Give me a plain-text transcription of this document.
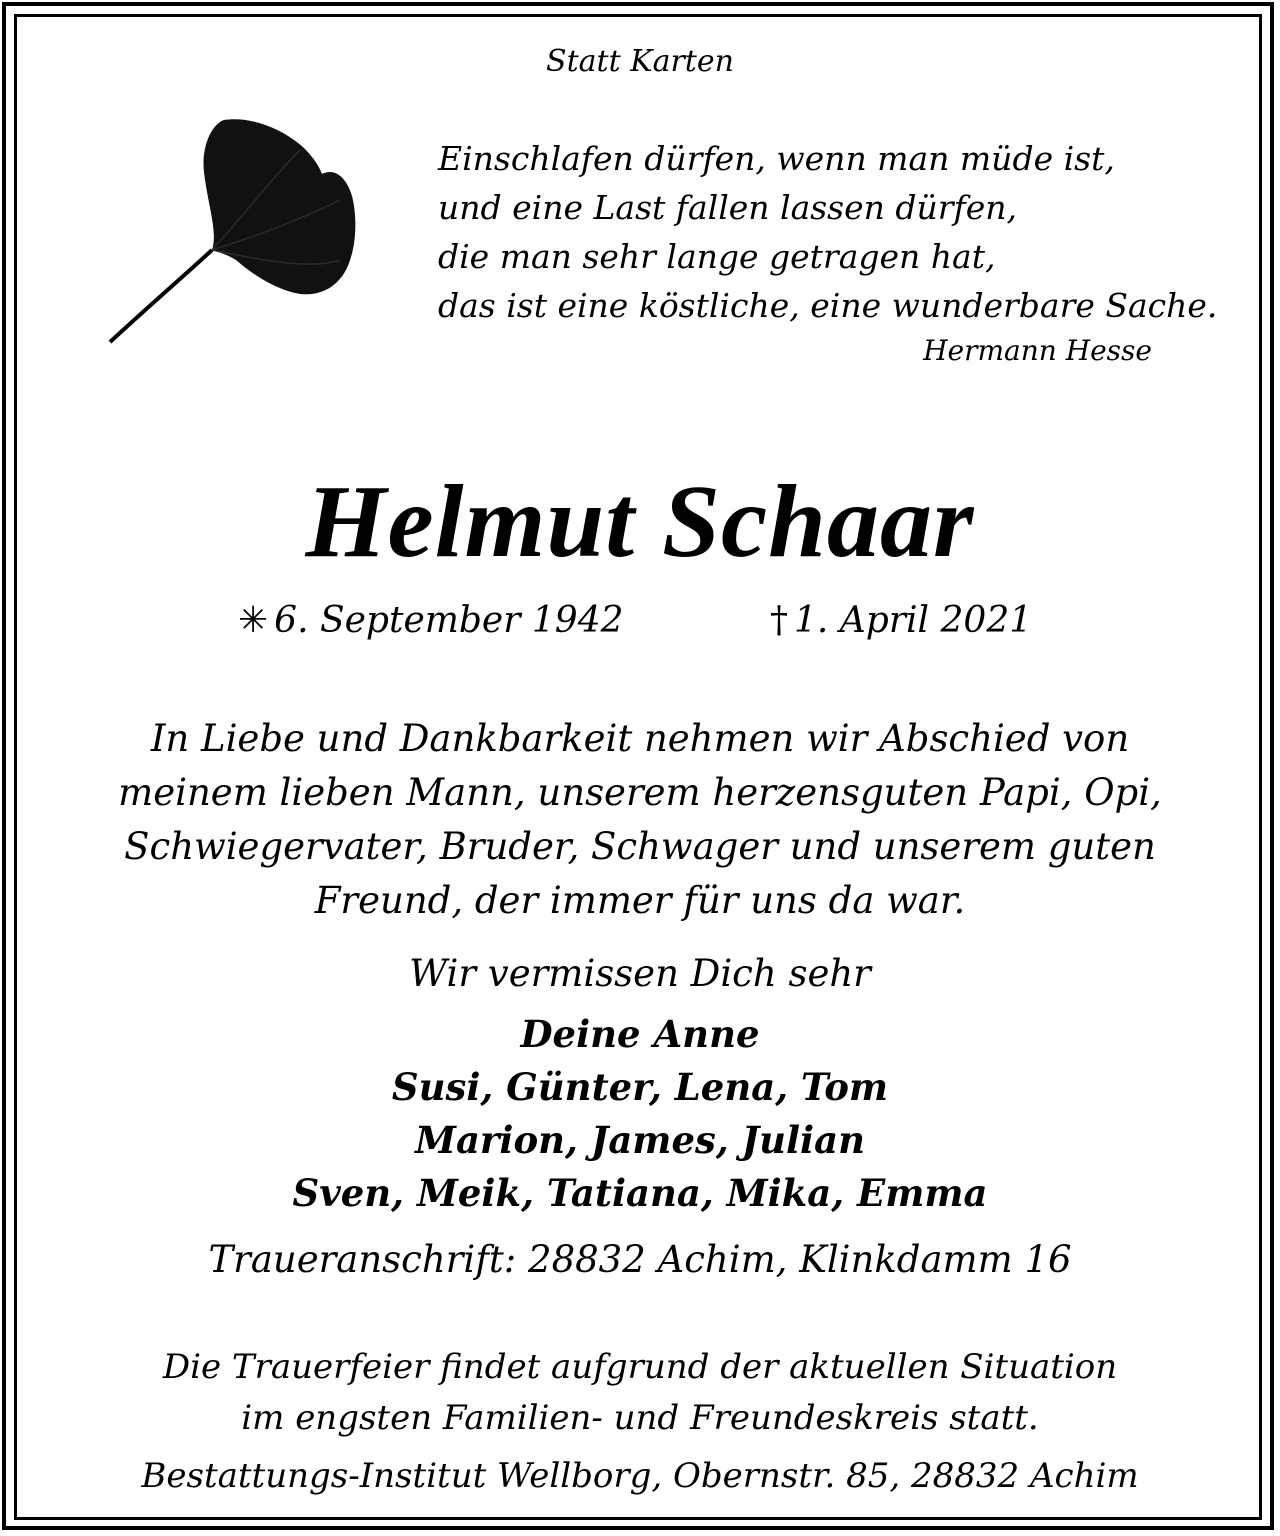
Statt Karten
Einschlafen dürfen, wenn man müde ist,
und eine Last fallen lassen dürfen,
die man sehr lange getragen hat,
das ist eine köstliche, eine wunderbare Sache.
Hermann Hesse
Helmut Schaar
✳ 6. September 1942	† 1. April 2021
In Liebe und Dankbarkeit nehmen wir Abschied von
meinem lieben Mann, unserem herzensguten Papi, Opi,
Schwiegervater, Bruder, Schwager und unserem guten
Freund, der immer für uns da war.
Wir vermissen Dich sehr
Deine Anne
Susi, Günter, Lena, Tom
Marion, James, Julian
Sven, Meik, Tatiana, Mika, Emma
Traueranschrift: 28832 Achim, Klinkdamm 16
Die Trauerfeier findet aufgrund der aktuellen Situation
im engsten Familien- und Freundeskreis statt.
Bestattungs-Institut Wellborg, Obernstr. 85, 28832 Achim
